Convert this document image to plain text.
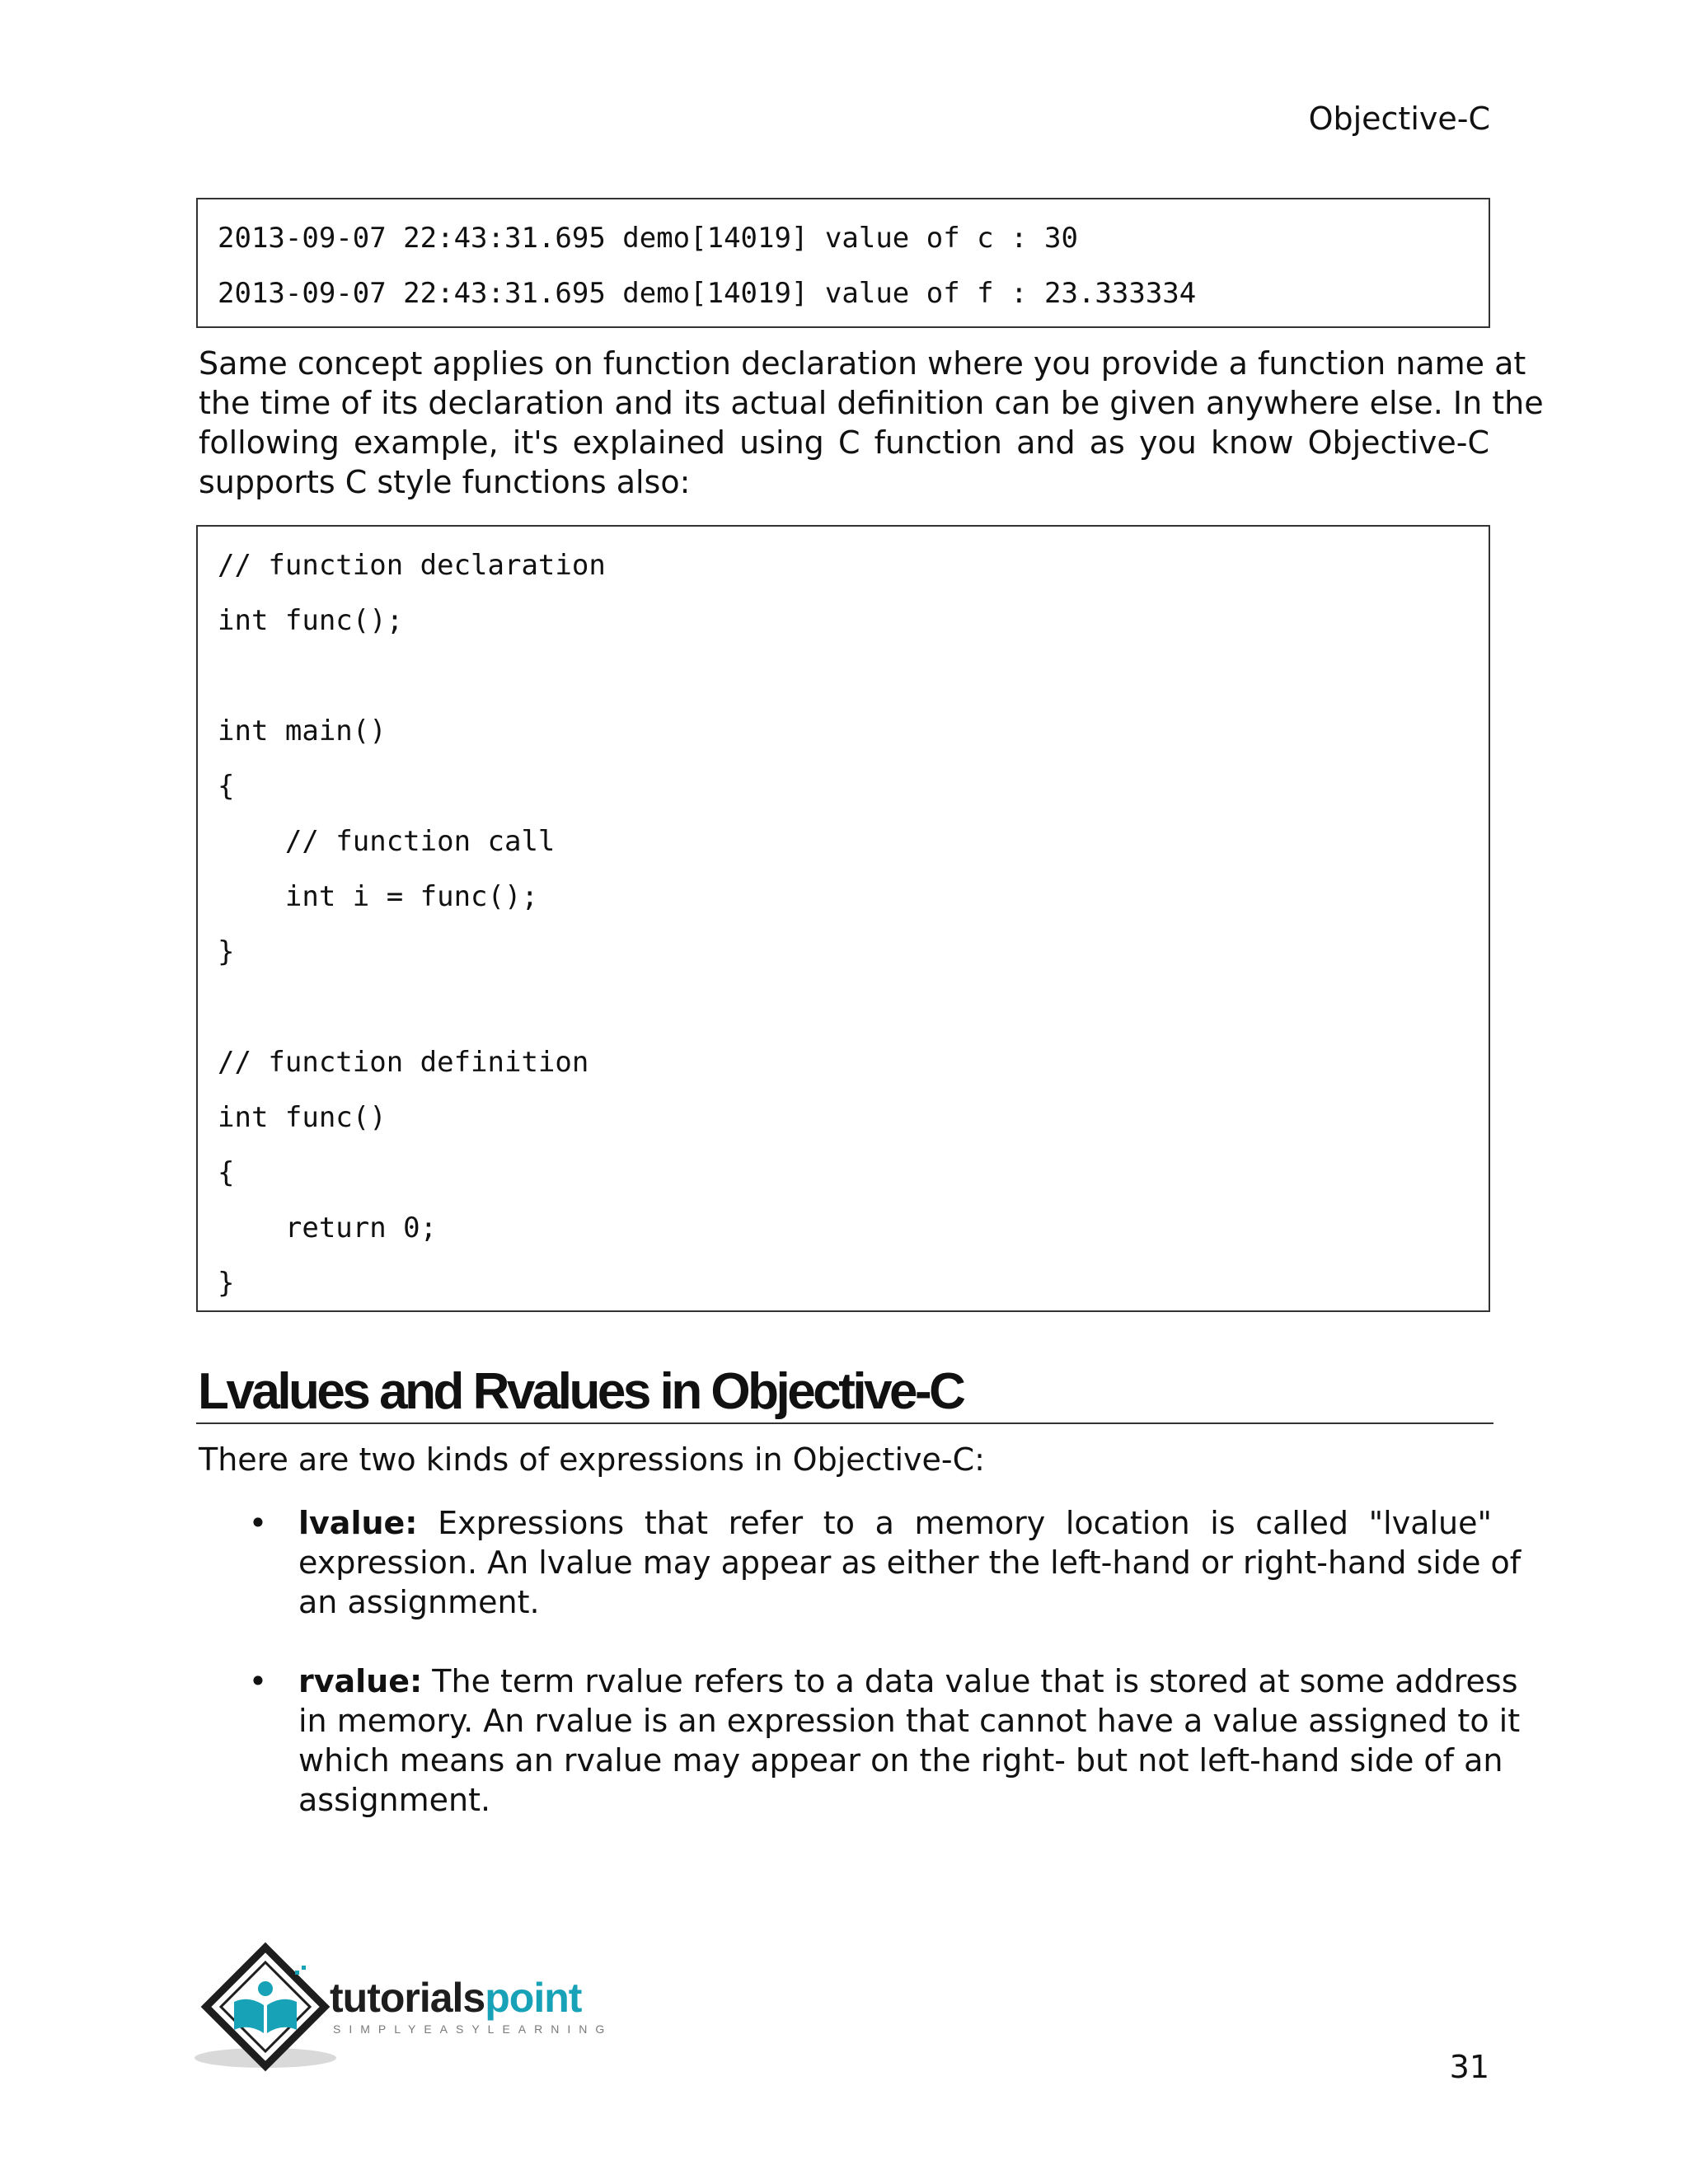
Objective-C
2013-09-07 22:43:31.695 demo[14019] value of c : 30
2013-09-07 22:43:31.695 demo[14019] value of f : 23.333334
Same concept applies on function declaration where you provide a function name at
the time of its declaration and its actual definition can be given anywhere else. In the
following example, it's explained using C function and as you know Objective-C
supports C style functions also:
// function declaration
int func();
int main()
{
// function call
int i = func();
}
// function definition
int func()
{
return 0;
}
Lvalues and Rvalues in Objective-C
There are two kinds of expressions in Objective-C:
• lvalue: Expressions that refer to a memory location is called "lvalue"
expression. An lvalue may appear as either the left-hand or right-hand side of
an assignment.
• rvalue: The term rvalue refers to a data value that is stored at some address
in memory. An rvalue is an expression that cannot have a value assigned to it
which means an rvalue may appear on the right- but not left-hand side of an
assignment.
tutorialspoint
SIMPLYEASYLEARNING
31
